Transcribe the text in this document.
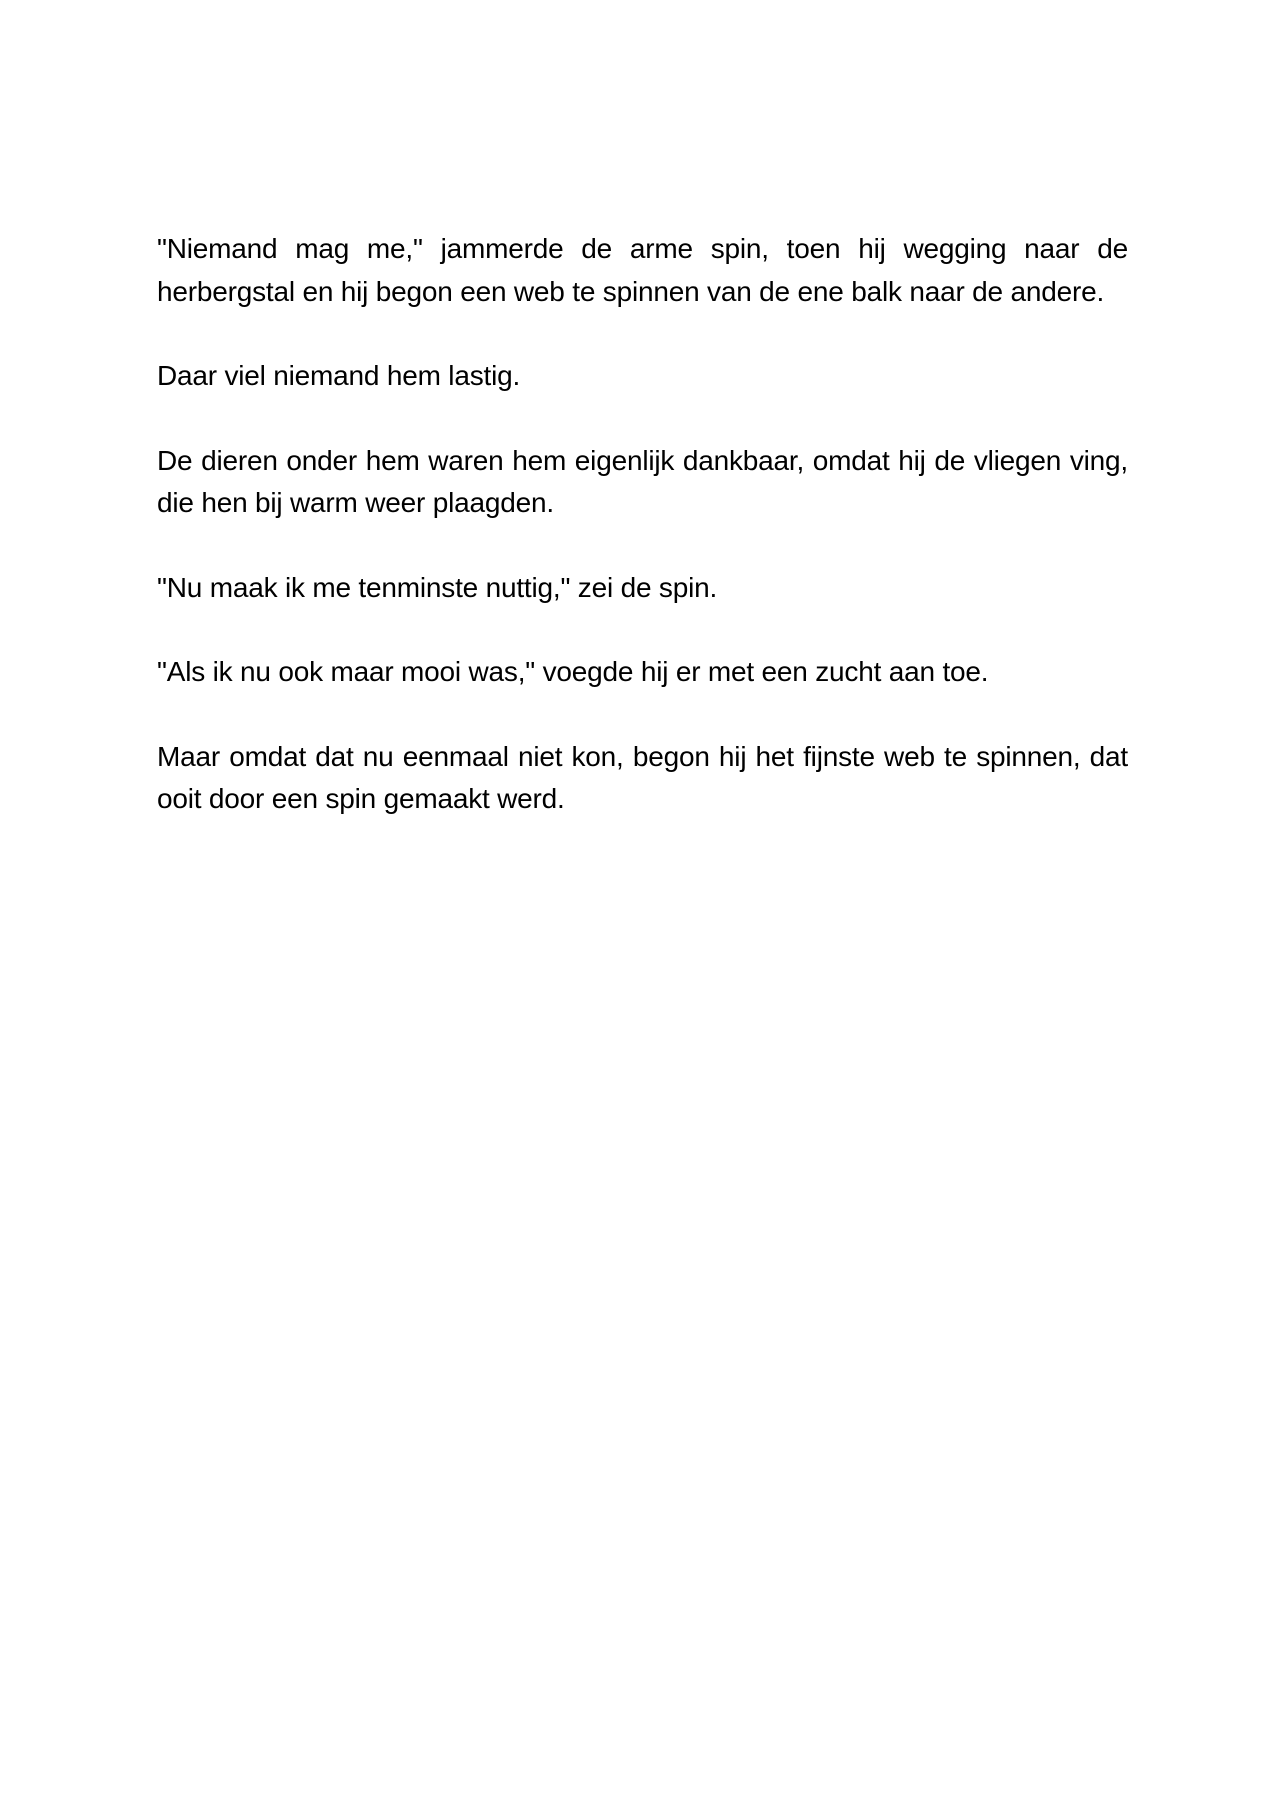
"Niemand mag me," jammerde de arme spin, toen hij wegging naar de herbergstal en hij begon een web te spinnen van de ene balk naar de andere.

Daar viel niemand hem lastig.

De dieren onder hem waren hem eigenlijk dankbaar, omdat hij de vliegen ving, die hen bij warm weer plaagden.

"Nu maak ik me tenminste nuttig," zei de spin.

"Als ik nu ook maar mooi was," voegde hij er met een zucht aan toe.

Maar omdat dat nu eenmaal niet kon, begon hij het fijnste web te spinnen, dat ooit door een spin gemaakt werd.
